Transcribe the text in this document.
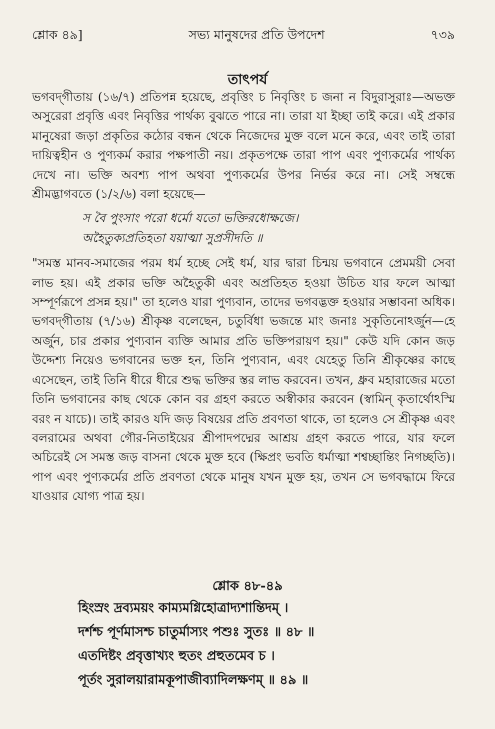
শ্লোক ৪৯]	সভ্য মানুষদের প্রতি উপদেশ	৭৩৯
তাৎপর্য

ভগবদ্‌গীতায় (১৬/৭) প্রতিপন্ন হয়েছে, প্রবৃত্তিং চ নিবৃত্তিং চ জনা ন বিদুরাসুরাঃ—অভক্ত অসুরেরা প্রবৃত্তি এবং নিবৃত্তির পার্থক্য বুঝতে পারে না। তারা যা ইচ্ছা তাই করে। এই প্রকার মানুষেরা জড়া প্রকৃতির কঠোর বন্ধন থেকে নিজেদের মুক্ত বলে মনে করে, এবং তাই তারা দায়িত্বহীন ও পুণ্যকর্ম করার পক্ষপাতী নয়। প্রকৃতপক্ষে তারা পাপ এবং পুণ্যকর্মের পার্থক্য দেখে না। ভক্তি অবশ্য পাপ অথবা পুণ্যকর্মের উপর নির্ভর করে না। সেই সম্বন্ধে শ্রীমদ্ভাগবতে (১/২/৬) বলা হয়েছে—

স বৈ পুংসাং পরো ধর্মো যতো ভক্তিরধোক্ষজে।
অহৈতুক্যপ্রতিহতা যয়াত্মা সুপ্রসীদতি ॥

"সমস্ত মানব-সমাজের পরম ধর্ম হচ্ছে সেই ধর্ম, যার দ্বারা চিন্ময় ভগবানে প্রেমময়ী সেবা লাভ হয়। এই প্রকার ভক্তি অহৈতুকী এবং অপ্রতিহত হওয়া উচিত যার ফলে আত্মা সম্পূর্ণরূপে প্রসন্ন হয়।" তা হলেও যারা পুণ্যবান, তাদের ভগবদ্ভক্ত হওয়ার সম্ভাবনা অধিক। ভগবদ্‌গীতায় (৭/১৬) শ্রীকৃষ্ণ বলেছেন, চতুর্বিধা ভজন্তে মাং জনাঃ সুকৃতিনোঽর্জুন—হে অর্জুন, চার প্রকার পুণ্যবান ব্যক্তি আমার প্রতি ভক্তিপরায়ণ হয়।" কেউ যদি কোন জড় উদ্দেশ্য নিয়েও ভগবানের ভক্ত হন, তিনি পুণ্যবান, এবং যেহেতু তিনি শ্রীকৃষ্ণের কাছে এসেছেন, তাই তিনি ধীরে ধীরে শুদ্ধ ভক্তির স্তর লাভ করবেন। তখন, ধ্রুব মহারাজের মতো তিনি ভগবানের কাছ থেকে কোন বর গ্রহণ করতে অস্বীকার করবেন (স্বামিন্ কৃতার্থোঽস্মি বরং ন যাচে)। তাই কারও যদি জড় বিষয়ের প্রতি প্রবণতা থাকে, তা হলেও সে শ্রীকৃষ্ণ এবং বলরামের অথবা গৌর-নিতাইয়ের শ্রীপাদপদ্মের আশ্রয় গ্রহণ করতে পারে, যার ফলে অচিরেই সে সমস্ত জড় বাসনা থেকে মুক্ত হবে (ক্ষিপ্রং ভবতি ধর্মাত্মা শশ্বচ্ছান্তিং নিগচ্ছতি)। পাপ এবং পুণ্যকর্মের প্রতি প্রবণতা থেকে মানুষ যখন মুক্ত হয়, তখন সে ভগবদ্ধামে ফিরে যাওয়ার যোগ্য পাত্র হয়।

শ্লোক ৪৮-৪৯
হিংস্রং দ্রব্যময়ং কাম্যমগ্নিহোত্রাদ্যশান্তিদম্ ।
দর্শশ্চ পূর্ণমাসশ্চ চাতুর্মাস্যং পশুঃ সুতঃ ॥ ৪৮ ॥
এতদিষ্টং প্রবৃত্তাখ্যং হুতং প্রহুতমেব চ ।
পূর্তং সুরালয়ারামকূপাজীব্যাদিলক্ষণম্ ॥ ৪৯ ॥
